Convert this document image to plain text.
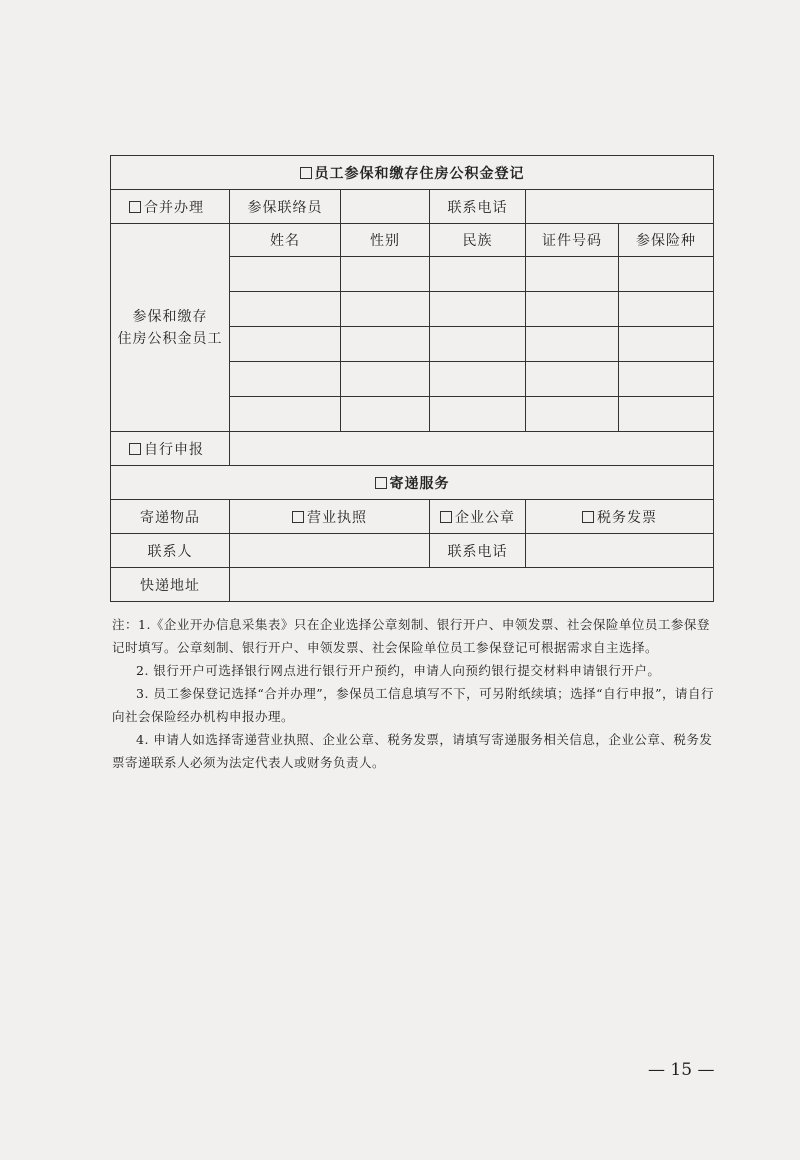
员工参保和缴存住房公积金登记					
合并办理	参保联络员		联系电话		
参保和缴存
住房公积金员工	姓名	性别	民族	证件号码	参保险种

自行申报					
寄递服务					
寄递物品	营业执照		企业公章	税务发票	
联系人			联系电话		
快递地址					

注：1.《企业开办信息采集表》只在企业选择公章刻制、银行开户、申领发票、社会保险单位员工参保登记时填写。公章刻制、银行开户、申领发票、社会保险单位员工参保登记可根据需求自主选择。

2. 银行开户可选择银行网点进行银行开户预约，申请人向预约银行提交材料申请银行开户。

3. 员工参保登记选择“合并办理”，参保员工信息填写不下，可另附纸续填；选择“自行申报”，请自行向社会保险经办机构申报办理。

4. 申请人如选择寄递营业执照、企业公章、税务发票，请填写寄递服务相关信息，企业公章、税务发票寄递联系人必须为法定代表人或财务负责人。

— 15 —
